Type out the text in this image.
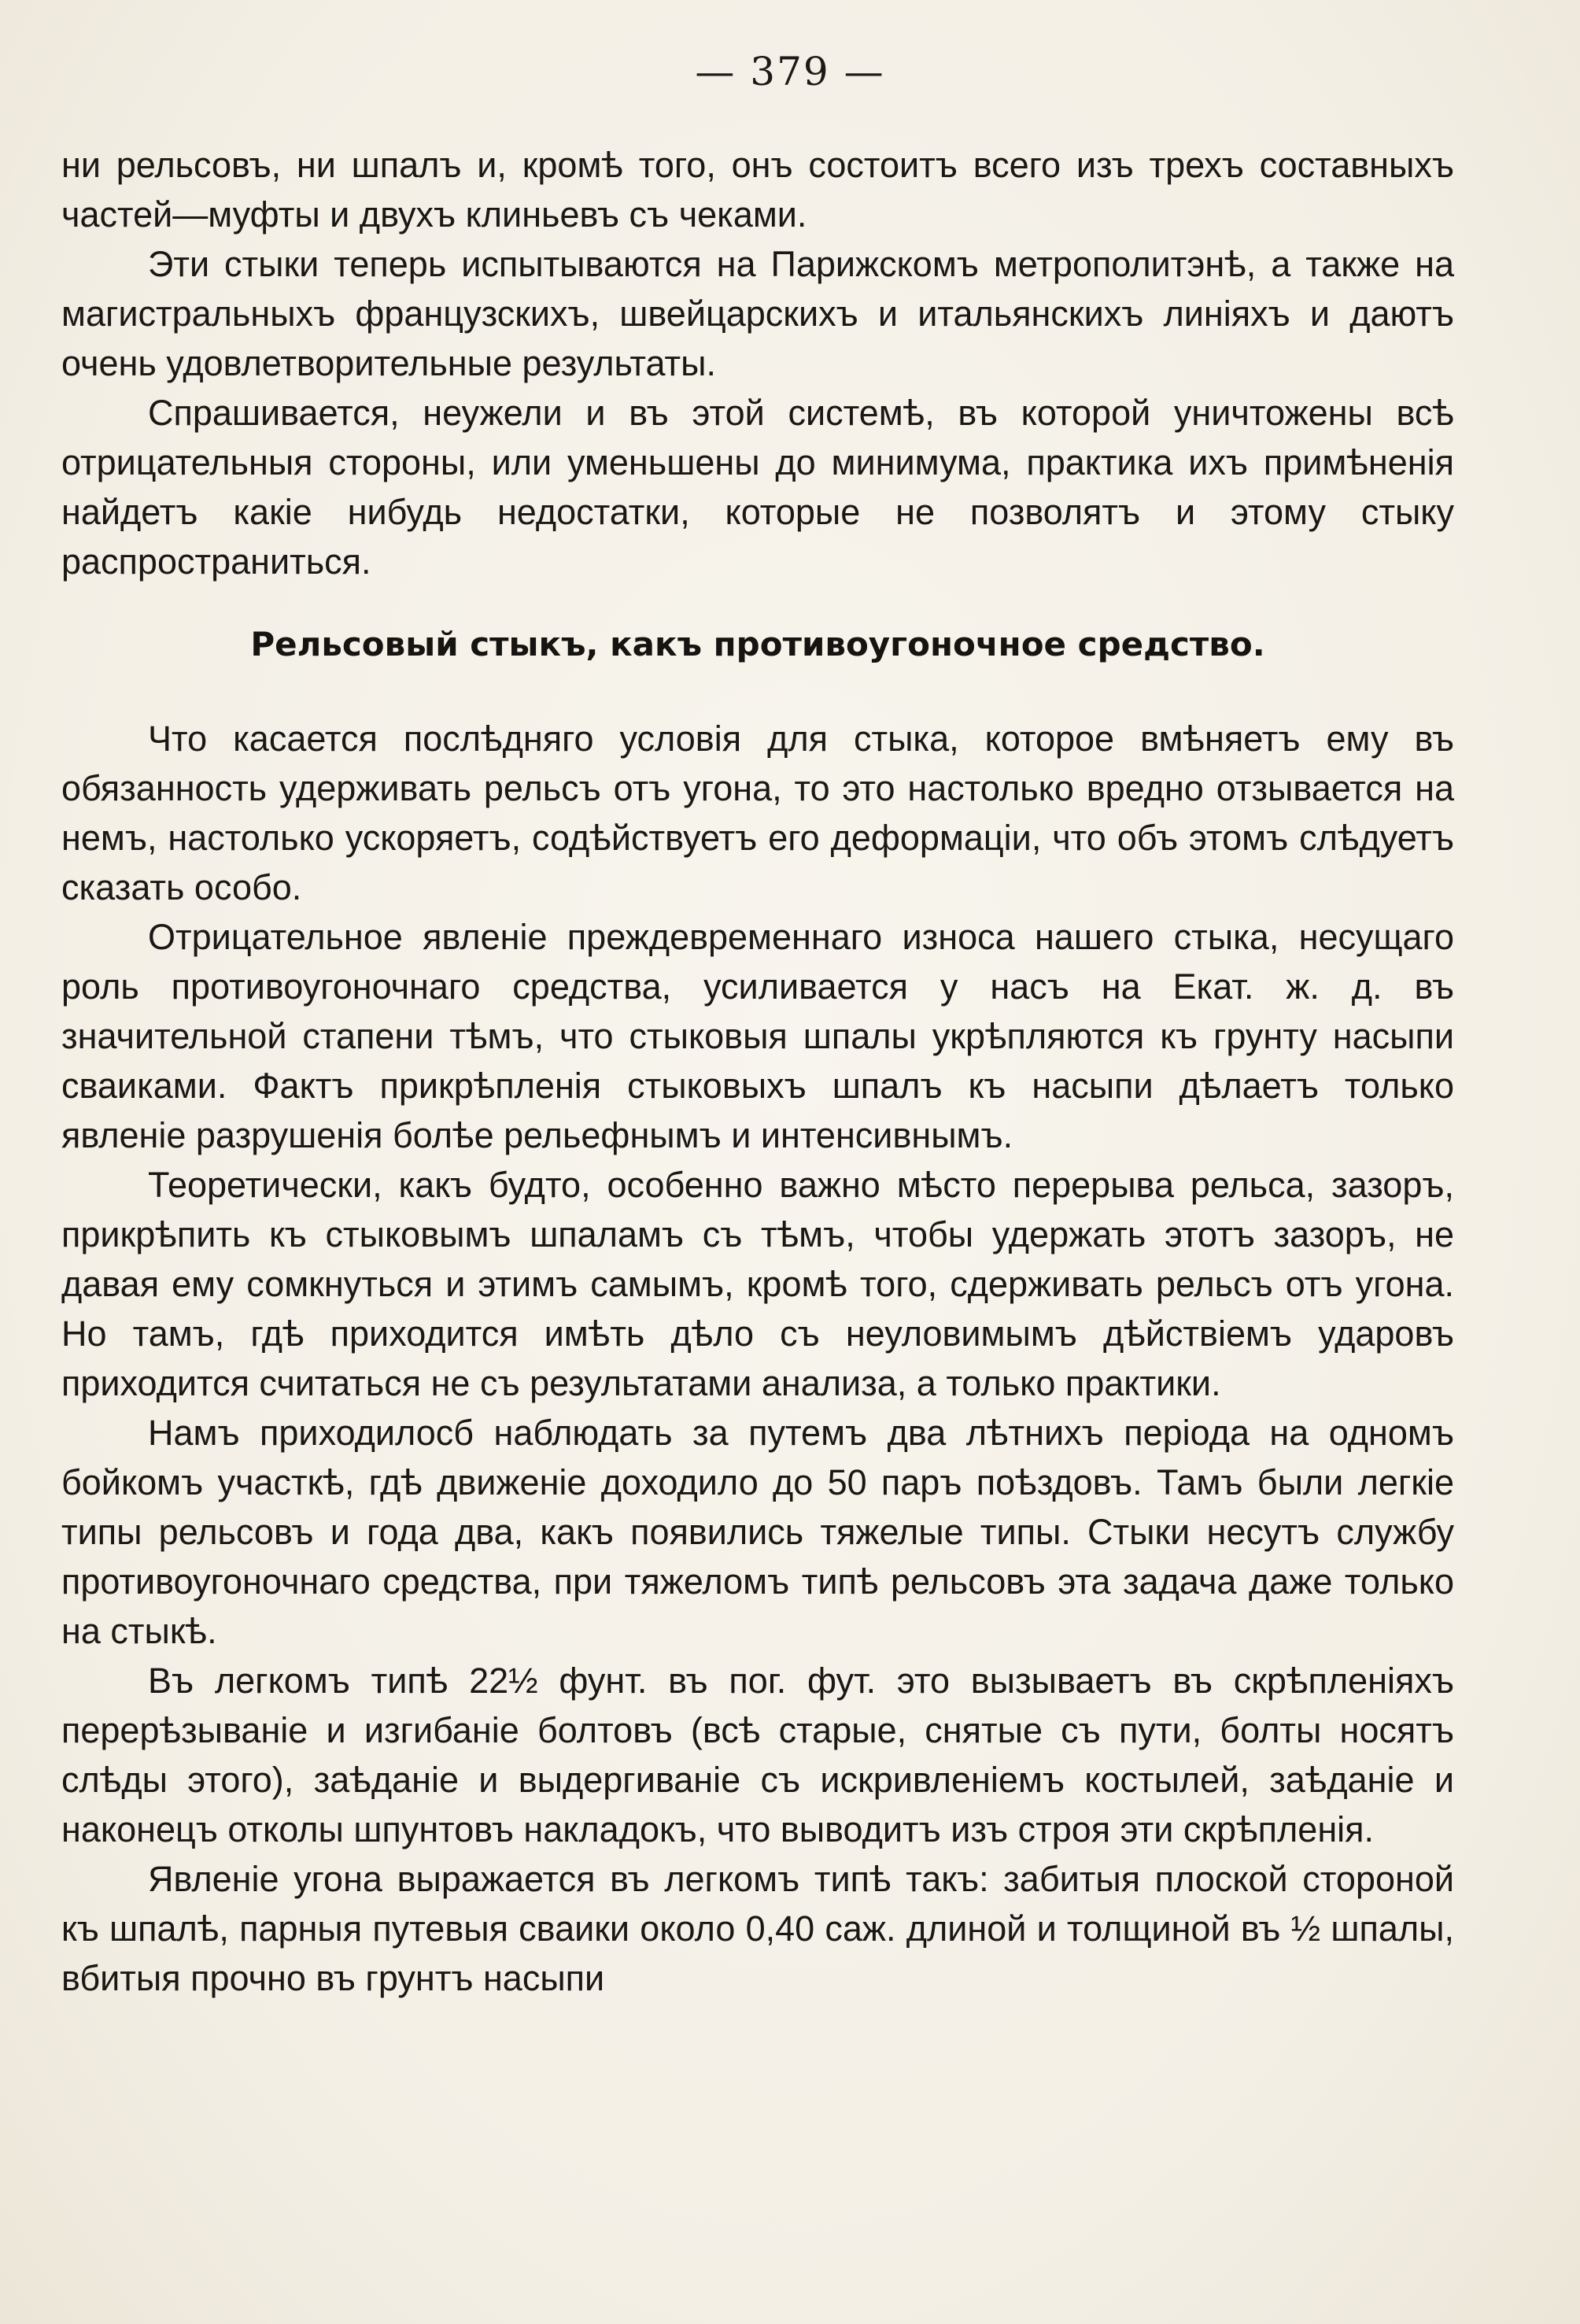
— 379 —

ни рельсовъ, ни шпалъ и, кромѣ того, онъ состоитъ всего изъ трехъ составныхъ частей—муфты и двухъ клиньевъ съ чеками.

Эти стыки теперь испытываются на Парижскомъ метрополитэнѣ, а также на магистральныхъ французскихъ, швейцарскихъ и итальянскихъ линіяхъ и даютъ очень удовлетворительные результаты.

Спрашивается, неужели и въ этой системѣ, въ которой уничтожены всѣ отрицательныя стороны, или уменьшены до минимума, практика ихъ примѣненія найдетъ какіе нибудь недостатки, которые не позволятъ и этому стыку распространиться.

Рельсовый стыкъ, какъ противоугоночное средство.

Что касается послѣдняго условія для стыка, которое вмѣняетъ ему въ обязанность удерживать рельсъ отъ угона, то это настолько вредно отзывается на немъ, настолько ускоряетъ, содѣйствуетъ его деформаціи, что объ этомъ слѣдуетъ сказать особо.

Отрицательное явленіе преждевременнаго износа нашего стыка, несущаго роль противоугоночнаго средства, усиливается у насъ на Екат. ж. д. въ значительной стапени тѣмъ, что стыковыя шпалы укрѣпляются къ грунту насыпи сваиками. Фактъ прикрѣпленія стыковыхъ шпалъ къ насыпи дѣлаетъ только явленіе разрушенія болѣе рельефнымъ и интенсивнымъ.

Теоретически, какъ будто, особенно важно мѣсто перерыва рельса, зазоръ, прикрѣпить къ стыковымъ шпаламъ съ тѣмъ, чтобы удержать этотъ зазоръ, не давая ему сомкнуться и этимъ самымъ, кромѣ того, сдерживать рельсъ отъ угона. Но тамъ, гдѣ приходится имѣть дѣло съ неуловимымъ дѣйствіемъ ударовъ приходится считаться не съ результатами анализа, а только практики.

Намъ приходилосб наблюдать за путемъ два лѣтнихъ періода на одномъ бойкомъ участкѣ, гдѣ движеніе доходило до 50 паръ поѣздовъ. Тамъ были легкіе типы рельсовъ и года два, какъ появились тяжелые типы. Стыки несутъ службу противоугоночнаго средства, при тяжеломъ типѣ рельсовъ эта задача даже только на стыкѣ.

Въ легкомъ типѣ 22½ фунт. въ пог. фут. это вызываетъ въ скрѣпленіяхъ перерѣзываніе и изгибаніе болтовъ (всѣ старые, снятые съ пути, болты носятъ слѣды этого), заѣданіе и выдергиваніе съ искривленіемъ костылей, заѣданіе и наконецъ отколы шпунтовъ накладокъ, что выводитъ изъ строя эти скрѣпленія.

Явленіе угона выражается въ легкомъ типѣ такъ: забитыя плоской стороной къ шпалѣ, парныя путевыя сваики около 0,40 саж. длиной и толщиной въ ½ шпалы, вбитыя прочно въ грунтъ насыпи
